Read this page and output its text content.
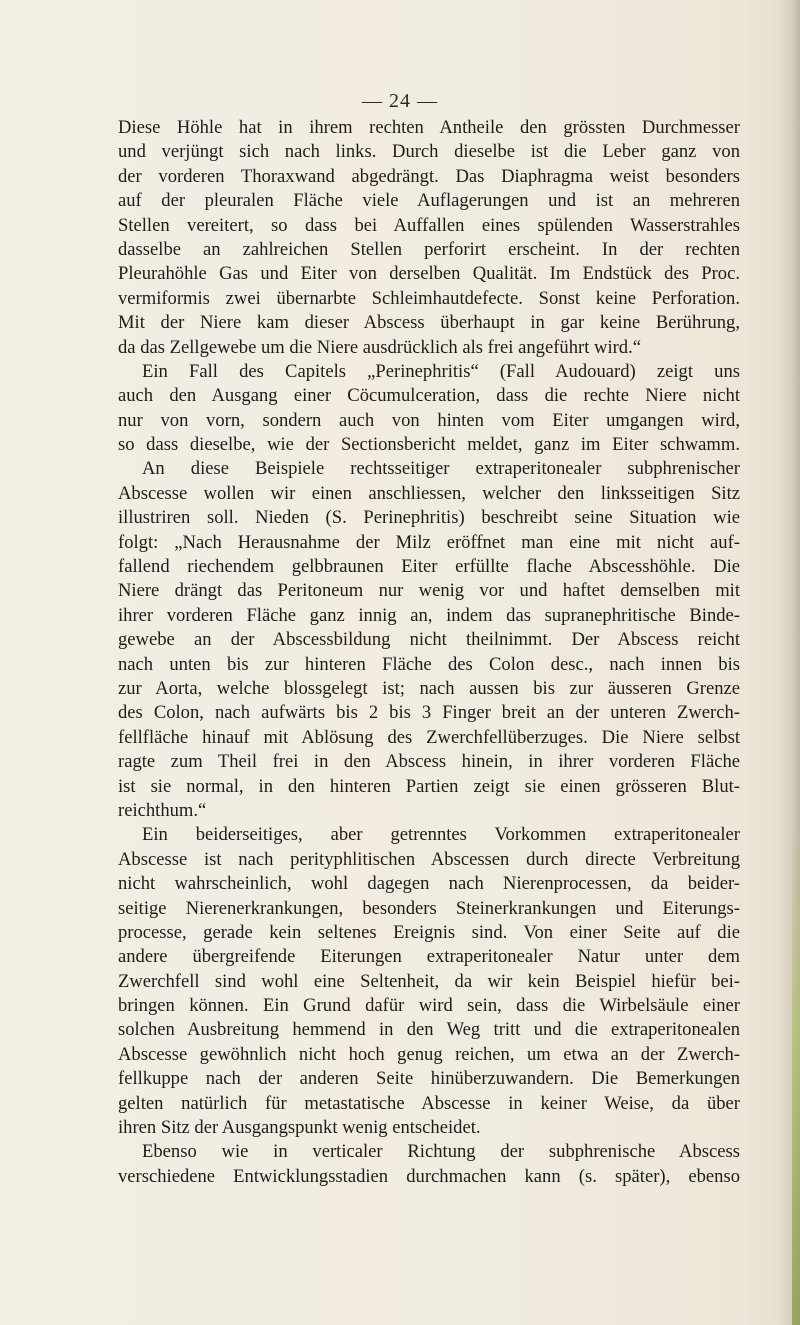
— 24 —
Diese Höhle hat in ihrem rechten Antheile den grössten Durchmesser
und verjüngt sich nach links. Durch dieselbe ist die Leber ganz von
der vorderen Thoraxwand abgedrängt. Das Diaphragma weist besonders
auf der pleuralen Fläche viele Auflagerungen und ist an mehreren
Stellen vereitert, so dass bei Auffallen eines spülenden Wasserstrahles
dasselbe an zahlreichen Stellen perforirt erscheint. In der rechten
Pleurahöhle Gas und Eiter von derselben Qualität. Im Endstück des Proc.
vermiformis zwei übernarbte Schleimhautdefecte. Sonst keine Perforation.
Mit der Niere kam dieser Abscess überhaupt in gar keine Berührung,
da das Zellgewebe um die Niere ausdrücklich als frei angeführt wird.“
Ein Fall des Capitels „Perinephritis“ (Fall Audouard) zeigt uns
auch den Ausgang einer Cöcumulceration, dass die rechte Niere nicht
nur von vorn, sondern auch von hinten vom Eiter umgangen wird,
so dass dieselbe, wie der Sectionsbericht meldet, ganz im Eiter schwamm.
An diese Beispiele rechtsseitiger extraperitonealer subphrenischer
Abscesse wollen wir einen anschliessen, welcher den linksseitigen Sitz
illustriren soll. Nieden (S. Perinephritis) beschreibt seine Situation wie
folgt: „Nach Herausnahme der Milz eröffnet man eine mit nicht auf-
fallend riechendem gelbbraunen Eiter erfüllte flache Abscesshöhle. Die
Niere drängt das Peritoneum nur wenig vor und haftet demselben mit
ihrer vorderen Fläche ganz innig an, indem das supranephritische Binde-
gewebe an der Abscessbildung nicht theilnimmt. Der Abscess reicht
nach unten bis zur hinteren Fläche des Colon desc., nach innen bis
zur Aorta, welche blossgelegt ist; nach aussen bis zur äusseren Grenze
des Colon, nach aufwärts bis 2 bis 3 Finger breit an der unteren Zwerch-
fellfläche hinauf mit Ablösung des Zwerchfellüberzuges. Die Niere selbst
ragte zum Theil frei in den Abscess hinein, in ihrer vorderen Fläche
ist sie normal, in den hinteren Partien zeigt sie einen grösseren Blut-
reichthum.“
Ein beiderseitiges, aber getrenntes Vorkommen extraperitonealer
Abscesse ist nach perityphlitischen Abscessen durch directe Verbreitung
nicht wahrscheinlich, wohl dagegen nach Nierenprocessen, da beider-
seitige Nierenerkrankungen, besonders Steinerkrankungen und Eiterungs-
processe, gerade kein seltenes Ereignis sind. Von einer Seite auf die
andere übergreifende Eiterungen extraperitonealer Natur unter dem
Zwerchfell sind wohl eine Seltenheit, da wir kein Beispiel hiefür bei-
bringen können. Ein Grund dafür wird sein, dass die Wirbelsäule einer
solchen Ausbreitung hemmend in den Weg tritt und die extraperitonealen
Abscesse gewöhnlich nicht hoch genug reichen, um etwa an der Zwerch-
fellkuppe nach der anderen Seite hinüberzuwandern. Die Bemerkungen
gelten natürlich für metastatische Abscesse in keiner Weise, da über
ihren Sitz der Ausgangspunkt wenig entscheidet.
Ebenso wie in verticaler Richtung der subphrenische Abscess
verschiedene Entwicklungsstadien durchmachen kann (s. später), ebenso
